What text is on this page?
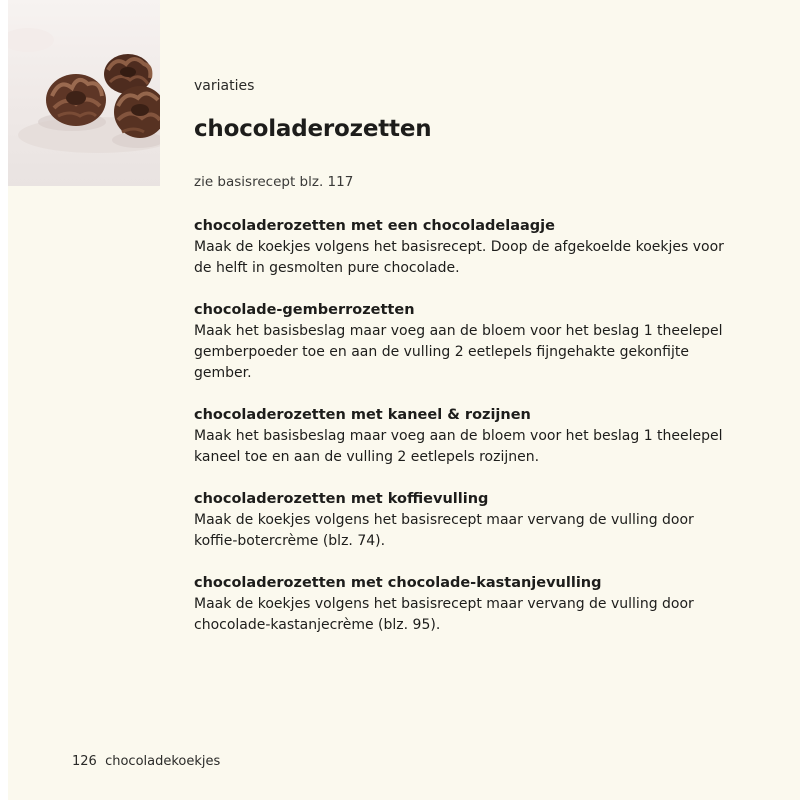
variaties
chocoladerozetten
zie basisrecept blz. 117

chocoladerozetten met een chocoladelaagje

Maak de koekjes volgens het basisrecept. Doop de afgekoelde koekjes voor
de helft in gesmolten pure chocolade.

chocolade-gemberrozetten

Maak het basisbeslag maar voeg aan de bloem voor het beslag 1 theelepel
gemberpoeder toe en aan de vulling 2 eetlepels fijngehakte gekonfijte
gember.

chocoladerozetten met kaneel & rozijnen

Maak het basisbeslag maar voeg aan de bloem voor het beslag 1 theelepel
kaneel toe en aan de vulling 2 eetlepels rozijnen.

chocoladerozetten met koffievulling

Maak de koekjes volgens het basisrecept maar vervang de vulling door
koffie-botercrème (blz. 74).

chocoladerozetten met chocolade-kastanjevulling

Maak de koekjes volgens het basisrecept maar vervang de vulling door
chocolade-kastanjecrème (blz. 95).

126 chocoladekoekjes
